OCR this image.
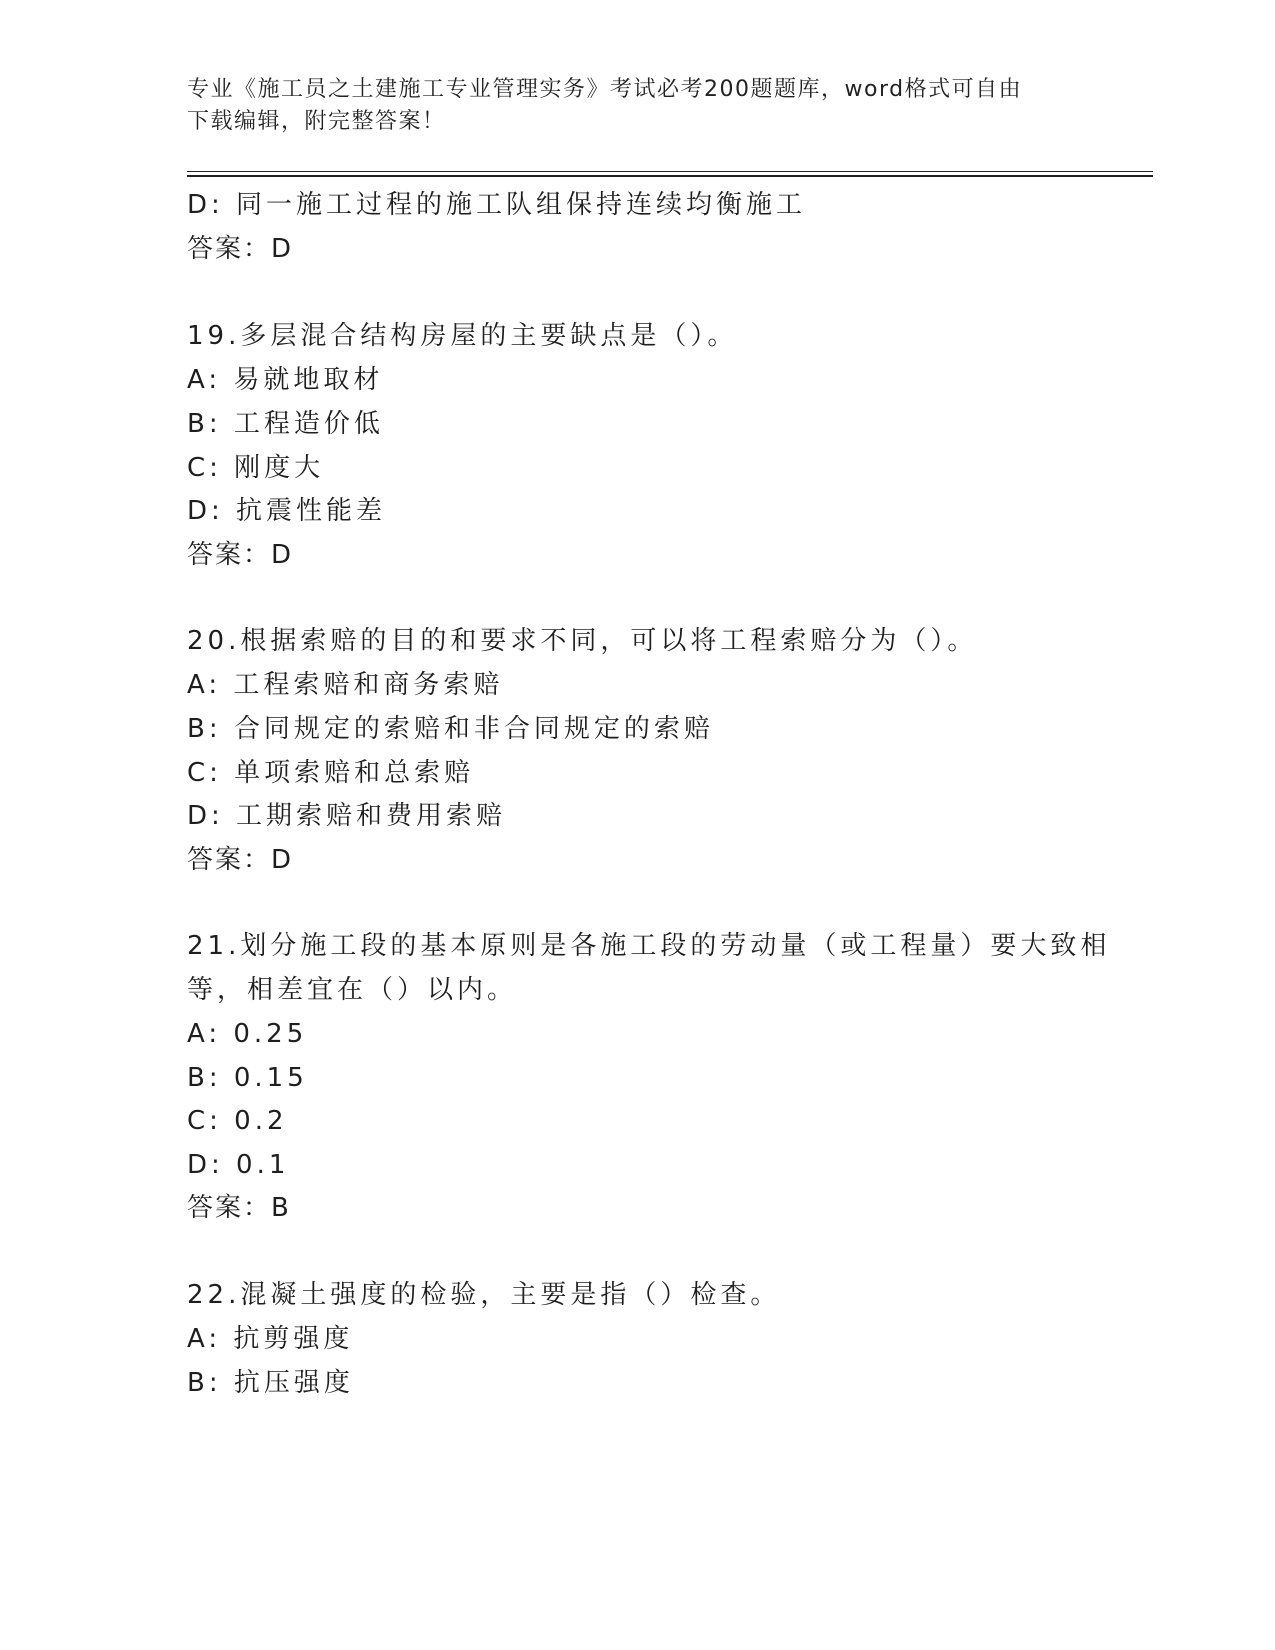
专业《施工员之土建施工专业管理实务》考试必考200题题库，word格式可自由
下载编辑，附完整答案！
D: 同一施工过程的施工队组保持连续均衡施工
答案：D
19.多层混合结构房屋的主要缺点是（）。
A: 易就地取材
B: 工程造价低
C: 刚度大
D: 抗震性能差
答案：D
20.根据索赔的目的和要求不同，可以将工程索赔分为（）。
A: 工程索赔和商务索赔
B: 合同规定的索赔和非合同规定的索赔
C: 单项索赔和总索赔
D: 工期索赔和费用索赔
答案：D
21.划分施工段的基本原则是各施工段的劳动量（或工程量）要大致相
等，相差宜在（）以内。
A: 0.25
B: 0.15
C: 0.2
D: 0.1
答案：B
22.混凝土强度的检验，主要是指（）检查。
A: 抗剪强度
B: 抗压强度
